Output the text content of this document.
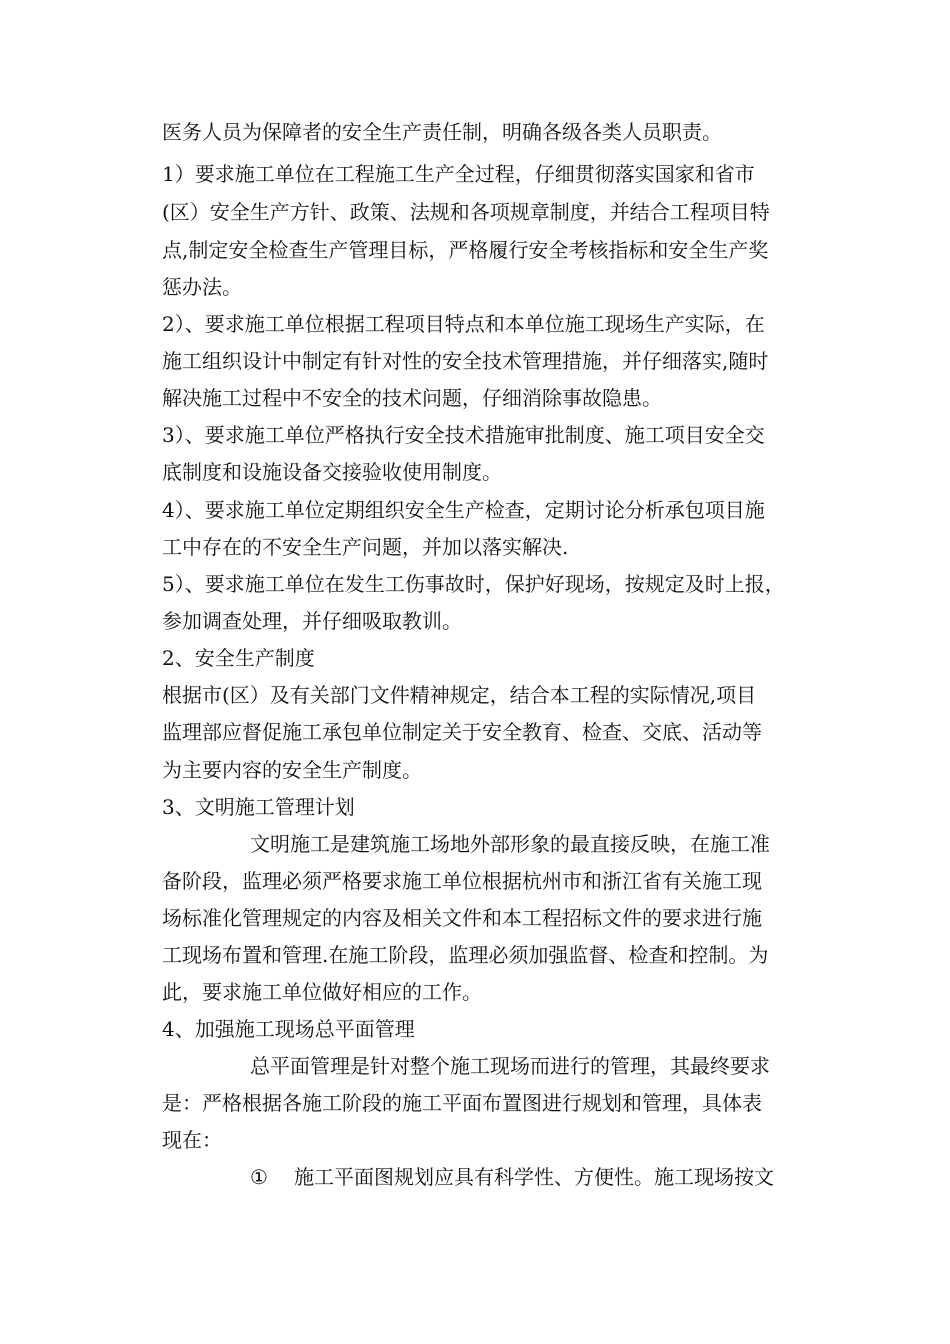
医务人员为保障者的安全生产责任制，明确各级各类人员职责。
1）要求施工单位在工程施工生产全过程，仔细贯彻落实国家和省市
(区）安全生产方针、政策、法规和各项规章制度，并结合工程项目特
点,制定安全检查生产管理目标，严格履行安全考核指标和安全生产奖
惩办法。
2）、要求施工单位根据工程项目特点和本单位施工现场生产实际，在
施工组织设计中制定有针对性的安全技术管理措施，并仔细落实,随时
解决施工过程中不安全的技术问题，仔细消除事故隐患。
3）、要求施工单位严格执行安全技术措施审批制度、施工项目安全交
底制度和设施设备交接验收使用制度。
4）、要求施工单位定期组织安全生产检查，定期讨论分析承包项目施
工中存在的不安全生产问题，并加以落实解决.
5）、要求施工单位在发生工伤事故时，保护好现场，按规定及时上报，
参加调查处理，并仔细吸取教训。
2、安全生产制度
根据市(区）及有关部门文件精神规定，结合本工程的实际情况,项目
监理部应督促施工承包单位制定关于安全教育、检查、交底、活动等
为主要内容的安全生产制度。
3、文明施工管理计划
文明施工是建筑施工场地外部形象的最直接反映，在施工准
备阶段，监理必须严格要求施工单位根据杭州市和浙江省有关施工现
场标准化管理规定的内容及相关文件和本工程招标文件的要求进行施
工现场布置和管理.在施工阶段，监理必须加强监督、检查和控制。为
此，要求施工单位做好相应的工作。
4、加强施工现场总平面管理
总平面管理是针对整个施工现场而进行的管理，其最终要求
是：严格根据各施工阶段的施工平面布置图进行规划和管理，具体表
现在：
① 施工平面图规划应具有科学性、方便性。施工现场按文
